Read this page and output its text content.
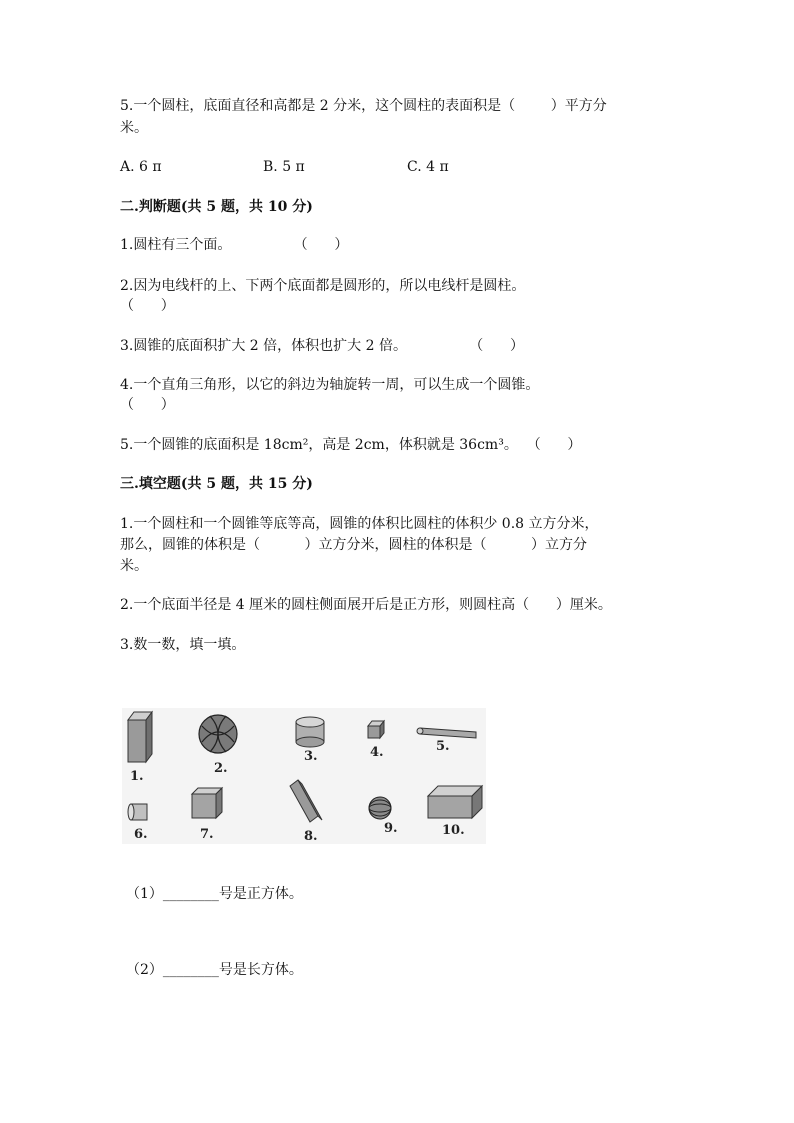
5.一个圆柱，底面直径和高都是 2 分米，这个圆柱的表面积是（        ）平方分
米。
A. 6 π	B. 5 π	C. 4 π
二.判断题(共 5 题，共 10 分)
1.圆柱有三个面。              （      ）
2.因为电线杆的上、下两个底面都是圆形的，所以电线杆是圆柱。
（      ）
3.圆锥的底面积扩大 2 倍，体积也扩大 2 倍。              （      ）
4.一个直角三角形，以它的斜边为轴旋转一周，可以生成一个圆锥。
（      ）
5.一个圆锥的底面积是 18cm²，高是 2cm，体积就是 36cm³。  （      ）
三.填空题(共 5 题，共 15 分)
1.一个圆柱和一个圆锥等底等高，圆锥的体积比圆柱的体积少 0.8 立方分米，
那么，圆锥的体积是（          ）立方分米，圆柱的体积是（          ）立方分
米。
2.一个底面半径是 4 厘米的圆柱侧面展开后是正方形，则圆柱高（      ）厘米。
3.数一数，填一填。
1.
2.
3.	4.	5.
6.	7.	8.
9.	10.
（1）________号是正方体。
（2）________号是长方体。
